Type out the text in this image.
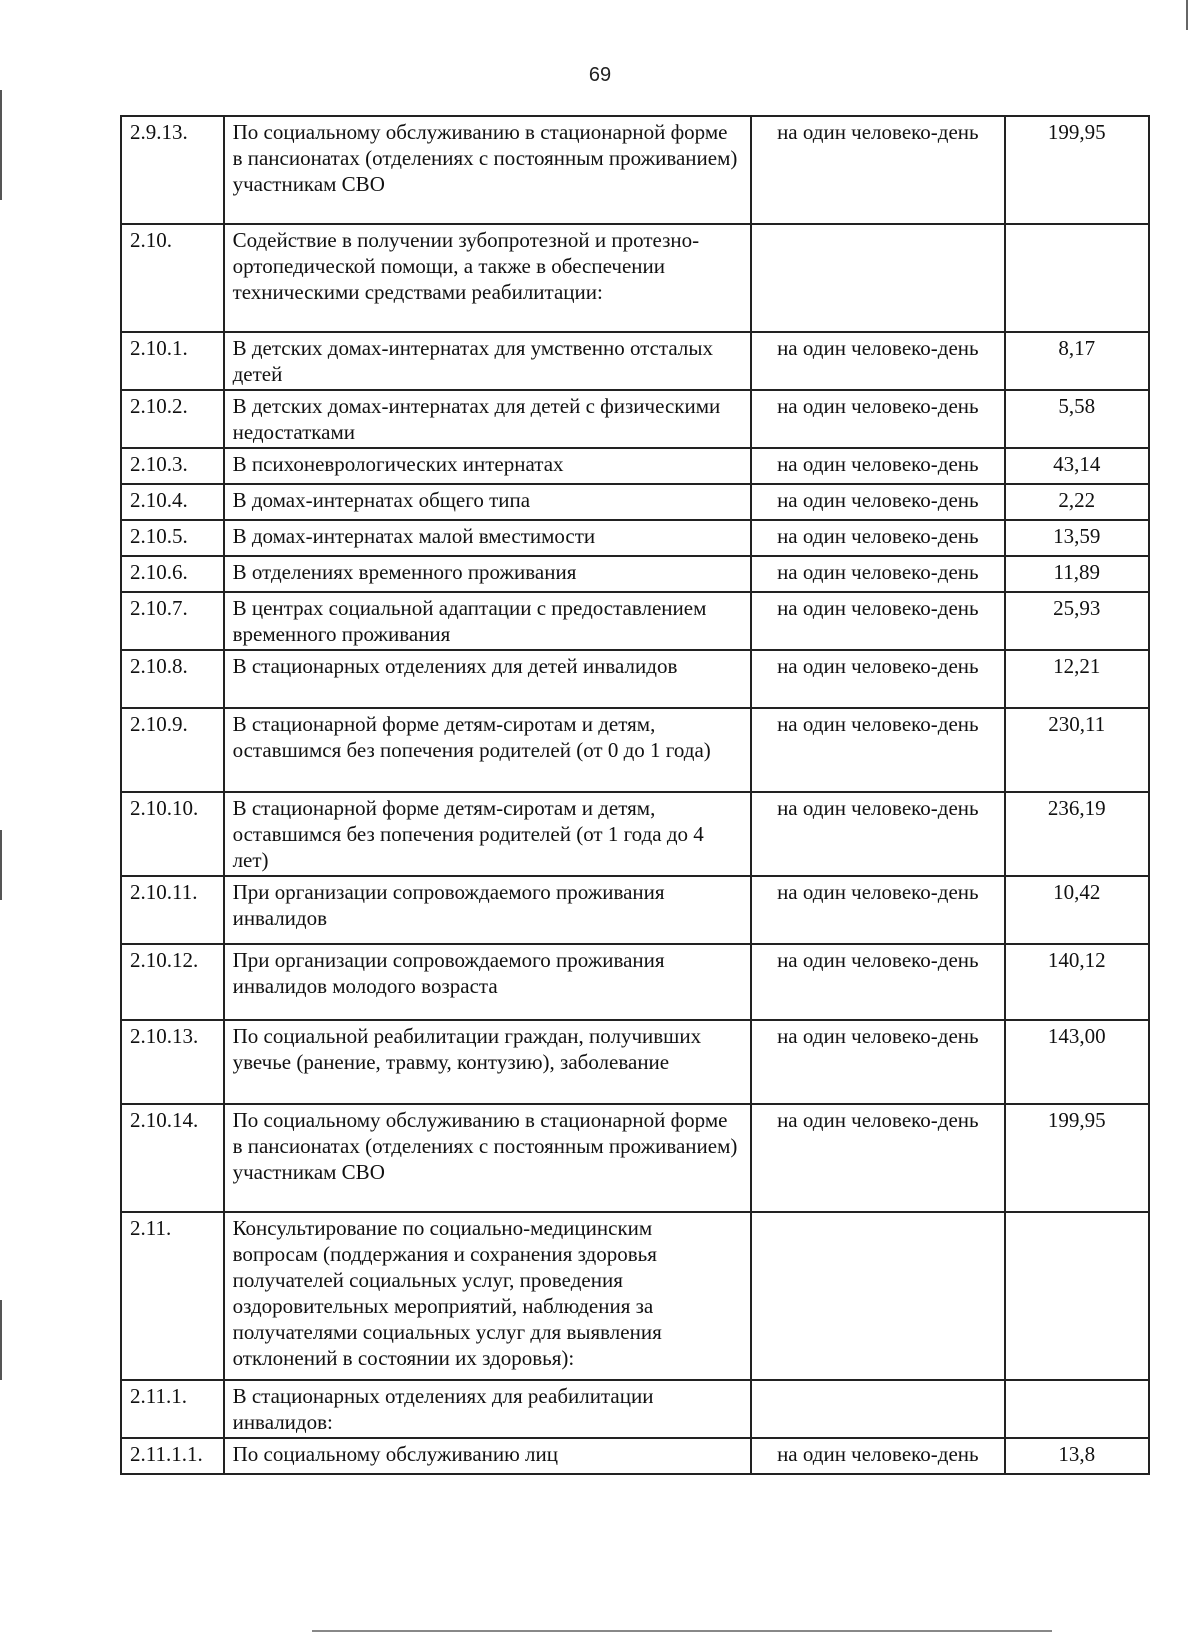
69
2.9.13.	По социальному обслуживанию в стационарной форме в пансионатах (отделениях с постоянным проживанием) участникам СВО	на один человеко-день	199,95
2.10.	Содействие в получении зубопротезной и протезно-ортопедической помощи, а также в обеспечении техническими средствами реабилитации:		
2.10.1.	В детских домах-интернатах для умственно отсталых детей	на один человеко-день	8,17
2.10.2.	В детских домах-интернатах для детей с физическими недостатками	на один человеко-день	5,58
2.10.3.	В психоневрологических интернатах	на один человеко-день	43,14
2.10.4.	В домах-интернатах общего типа	на один человеко-день	2,22
2.10.5.	В домах-интернатах малой вместимости	на один человеко-день	13,59
2.10.6.	В отделениях временного проживания	на один человеко-день	11,89
2.10.7.	В центрах социальной адаптации с предоставлением временного проживания	на один человеко-день	25,93
2.10.8.	В стационарных отделениях для детей инвалидов	на один человеко-день	12,21
2.10.9.	В стационарной форме детям-сиротам и детям, оставшимся без попечения родителей (от 0 до 1 года)	на один человеко-день	230,11
2.10.10.	В стационарной форме детям-сиротам и детям, оставшимся без попечения родителей (от 1 года до 4 лет)	на один человеко-день	236,19
2.10.11.	При организации сопровождаемого проживания инвалидов	на один человеко-день	10,42
2.10.12.	При организации сопровождаемого проживания инвалидов молодого возраста	на один человеко-день	140,12
2.10.13.	По социальной реабилитации граждан, получивших увечье (ранение, травму, контузию), заболевание	на один человеко-день	143,00
2.10.14.	По социальному обслуживанию в стационарной форме в пансионатах (отделениях с постоянным проживанием) участникам СВО	на один человеко-день	199,95
2.11.	Консультирование по социально-медицинским вопросам (поддержания и сохранения здоровья получателей социальных услуг, проведения оздоровительных мероприятий, наблюдения за получателями социальных услуг для выявления отклонений в состоянии их здоровья):		
2.11.1.	В стационарных отделениях для реабилитации инвалидов:		
2.11.1.1.	По социальному обслуживанию лиц	на один человеко-день	13,8
